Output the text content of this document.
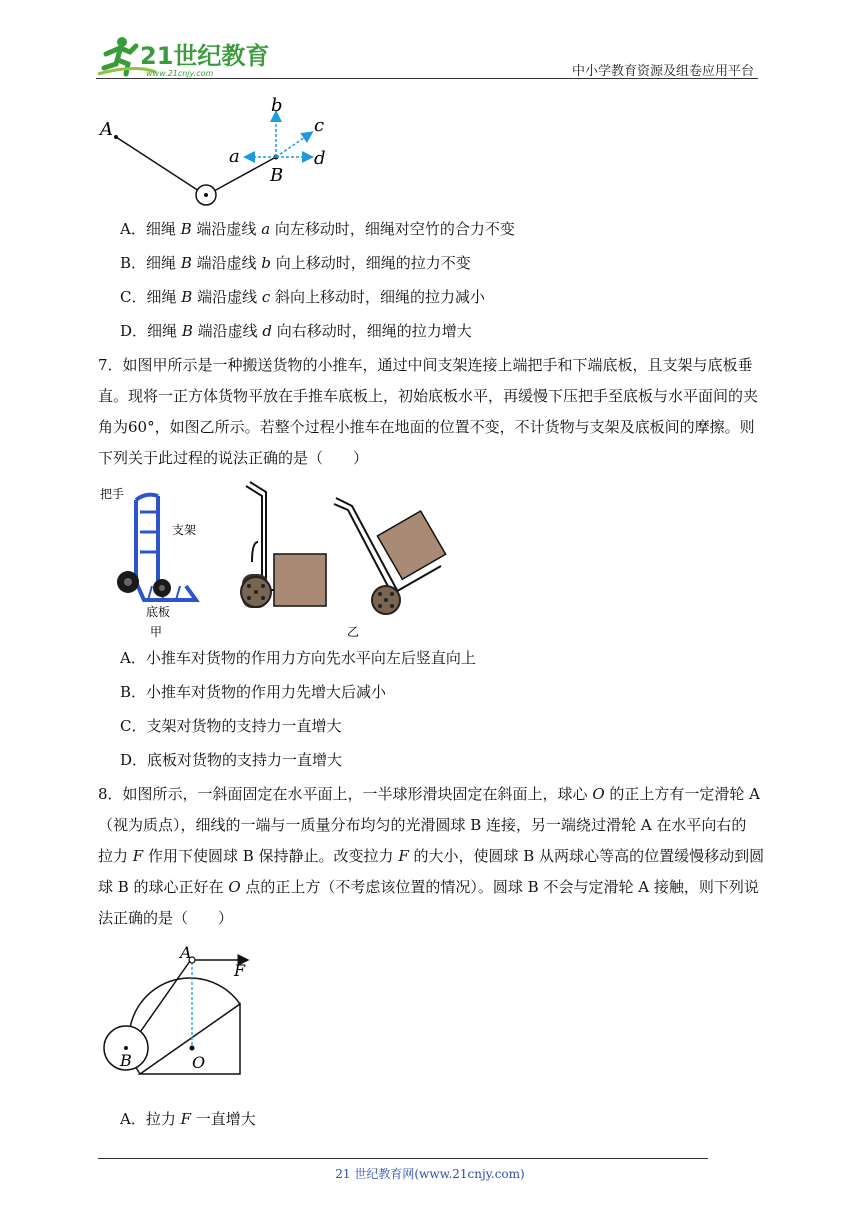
21世纪教育
www.21cnjy.com	中小学教育资源及组卷应用平台
A
B
a
b
c
d
A．细绳 B 端沿虚线 a 向左移动时，细绳对空竹的合力不变
B．细绳 B 端沿虚线 b 向上移动时，细绳的拉力不变
C．细绳 B 端沿虚线 c 斜向上移动时，细绳的拉力减小
D．细绳 B 端沿虚线 d 向右移动时，细绳的拉力增大
7．如图甲所示是一种搬送货物的小推车，通过中间支架连接上端把手和下端底板，且支架与底板垂
直。现将一正方体货物平放在手推车底板上，初始底板水平，再缓慢下压把手至底板与水平面间的夹
角为60°，如图乙所示。若整个过程小推车在地面的位置不变，不计货物与支架及底板间的摩擦。则
下列关于此过程的说法正确的是（　　）
把手
支架
底板
甲	乙
A．小推车对货物的作用力方向先水平向左后竖直向上
B．小推车对货物的作用力先增大后减小
C．支架对货物的支持力一直增大
D．底板对货物的支持力一直增大
8．如图所示，一斜面固定在水平面上，一半球形滑块固定在斜面上，球心 O 的正上方有一定滑轮 A
（视为质点），细线的一端与一质量分布均匀的光滑圆球 B 连接，另一端绕过滑轮 A 在水平向右的
拉力 F 作用下使圆球 B 保持静止。改变拉力 F 的大小，使圆球 B 从两球心等高的位置缓慢移动到圆
球 B 的球心正好在 O 点的正上方（不考虑该位置的情况）。圆球 B 不会与定滑轮 A 接触，则下列说
法正确的是（　　）
A
F
B	O
A．拉力 F 一直增大
21 世纪教育网(www.21cnjy.com)
